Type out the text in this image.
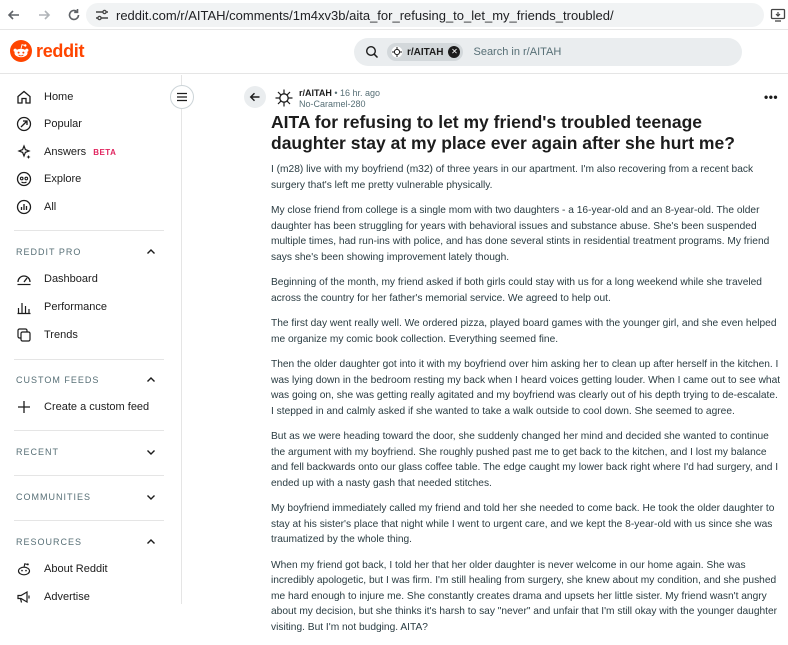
reddit.com/r/AITAH/comments/1m4xv3b/aita_for_refusing_to_let_my_friends_troubled/
reddit	r/AITAH ✕ Search in r/AITAH
Home
Popular
Answers BETA
Explore
All
REDDIT PRO
Dashboard
Performance
Trends
CUSTOM FEEDS
Create a custom feed
RECENT
COMMUNITIES
RESOURCES
About Reddit
Advertise
r/AITAH • 16 hr. ago
No-Caramel-280	•••
AITA for refusing to let my friend's troubled teenage daughter stay at my place ever again after she hurt me?

I (m28) live with my boyfriend (m32) of three years in our apartment. I'm also recovering from a recent back surgery that's left me pretty vulnerable physically.

My close friend from college is a single mom with two daughters - a 16-year-old and an 8-year-old. The older daughter has been struggling for years with behavioral issues and substance abuse. She's been suspended multiple times, had run-ins with police, and has done several stints in residential treatment programs. My friend says she's been showing improvement lately though.

Beginning of the month, my friend asked if both girls could stay with us for a long weekend while she traveled across the country for her father's memorial service. We agreed to help out.

The first day went really well. We ordered pizza, played board games with the younger girl, and she even helped me organize my comic book collection. Everything seemed fine.

Then the older daughter got into it with my boyfriend over him asking her to clean up after herself in the kitchen. I was lying down in the bedroom resting my back when I heard voices getting louder. When I came out to see what was going on, she was getting really agitated and my boyfriend was clearly out of his depth trying to de-escalate. I stepped in and calmly asked if she wanted to take a walk outside to cool down. She seemed to agree.

But as we were heading toward the door, she suddenly changed her mind and decided she wanted to continue the argument with my boyfriend. She roughly pushed past me to get back to the kitchen, and I lost my balance and fell backwards onto our glass coffee table. The edge caught my lower back right where I'd had surgery, and I ended up with a nasty gash that needed stitches.

My boyfriend immediately called my friend and told her she needed to come back. He took the older daughter to stay at his sister's place that night while I went to urgent care, and we kept the 8-year-old with us since she was traumatized by the whole thing.

When my friend got back, I told her that her older daughter is never welcome in our home again. She was incredibly apologetic, but I was firm. I'm still healing from surgery, she knew about my condition, and she pushed me hard enough to injure me. She constantly creates drama and upsets her little sister. My friend wasn't angry about my decision, but she thinks it's harsh to say "never" and unfair that I'm still okay with the younger daughter visiting. But I'm not budging. AITA?
